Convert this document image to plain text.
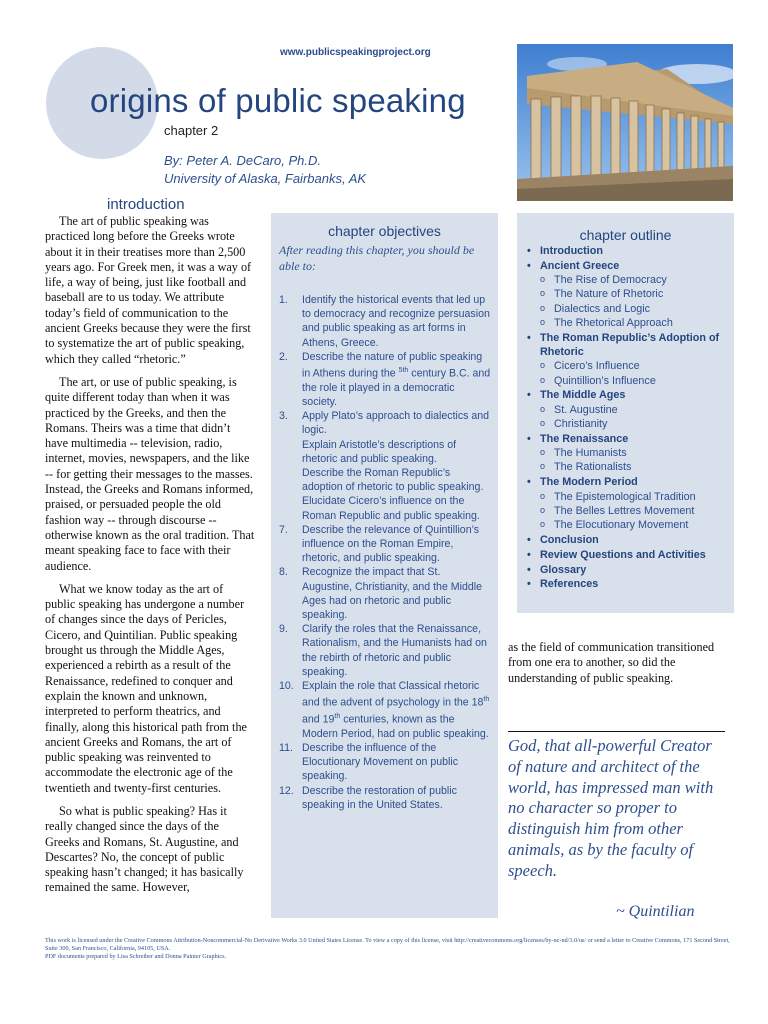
www.publicspeakingproject.org
origins of public speaking
chapter 2
By: Peter A. DeCaro, Ph.D.
University of Alaska, Fairbanks, AK
introduction

The art of public speaking was practiced long before the Greeks wrote about it in their treatises more than 2,500 years ago. For Greek men, it was a way of life, a way of being, just like football and baseball are to us today. We attribute today’s field of communication to the ancient Greeks because they were the first to systematize the art of public speaking, which they called “rhetoric.”

The art, or use of public speaking, is quite different today than when it was practiced by the Greeks, and then the Romans. Theirs was a time that didn’t have multimedia -- television, radio, internet, movies, newspapers, and the like -- for getting their messages to the masses. Instead, the Greeks and Romans informed, praised, or persuaded people the old fashion way -- through discourse -- otherwise known as the oral tradition. That meant speaking face to face with their audience.

What we know today as the art of public speaking has undergone a number of changes since the days of Pericles, Cicero, and Quintilian. Public speaking brought us through the Middle Ages, experienced a rebirth as a result of the Renaissance, redefined to conquer and explain the known and unknown, interpreted to perform theatrics, and finally, along this historical path from the ancient Greeks and Romans, the art of public speaking was reinvented to accommodate the electronic age of the twentieth and twenty-first centuries.

So what is public speaking? Has it really changed since the days of the Greeks and Romans, St. Augustine, and Descartes? No, the concept of public speaking hasn’t changed; it has basically remained the same. However,

chapter objectives
After reading this chapter, you should be able to:
1. Identify the historical events that led up to democracy and recognize persuasion and public speaking as art forms in Athens, Greece.
2. Describe the nature of public speaking in Athens during the $^{5th}$ century B.C. and the role it played in a democratic society.
3. Apply Plato’s approach to dialectics and logic.
Explain Aristotle’s descriptions of rhetoric and public speaking.
Describe the Roman Republic’s adoption of rhetoric to public speaking.
Elucidate Cicero’s influence on the Roman Republic and public speaking.
7. Describe the relevance of Quintillion’s influence on the Roman Empire, rhetoric, and public speaking.
8. Recognize the impact that St. Augustine, Christianity, and the Middle Ages had on rhetoric and public speaking.
9. Clarify the roles that the Renaissance, Rationalism, and the Humanists had on the rebirth of rhetoric and public speaking.
10. Explain the role that Classical rhetoric and the advent of psychology in the 18th and 19th centuries, known as the Modern Period, had on public speaking.
11. Describe the influence of the Elocutionary Movement on public speaking.
12. Describe the restoration of public speaking in the United States.
chapter outline
• Introduction
• Ancient Greece
o The Rise of Democracy
o The Nature of Rhetoric
o Dialectics and Logic
o The Rhetorical Approach
• The Roman Republic’s Adoption of Rhetoric
o Cicero’s Influence
o Quintillion’s Influence
• The Middle Ages
o St. Augustine
o Christianity
• The Renaissance
o The Humanists
o The Rationalists
• The Modern Period
o The Epistemological Tradition
o The Belles Lettres Movement
o The Elocutionary Movement
• Conclusion
• Review Questions and Activities
• Glossary
• References
as the field of communication transitioned from one era to another, so did the understanding of public speaking.
God, that all-powerful Creator of nature and architect of the world, has impressed man with no character so proper to distinguish him from other animals, as by the faculty of speech.
~ Quintilian
This work is licensed under the Creative Commons Attribution-Noncommercial-No Derivative Works 3.0 United States License. To view a copy of this license, visit http://creativecommons.org/licenses/by-nc-nd/3.0/us/ or send a letter to Creative Commons, 171 Second Street, Suite 300, San Francisco, California, 94105, USA.
PDF documents prepared by Lisa Schreiber and Donna Painter Graphics.
